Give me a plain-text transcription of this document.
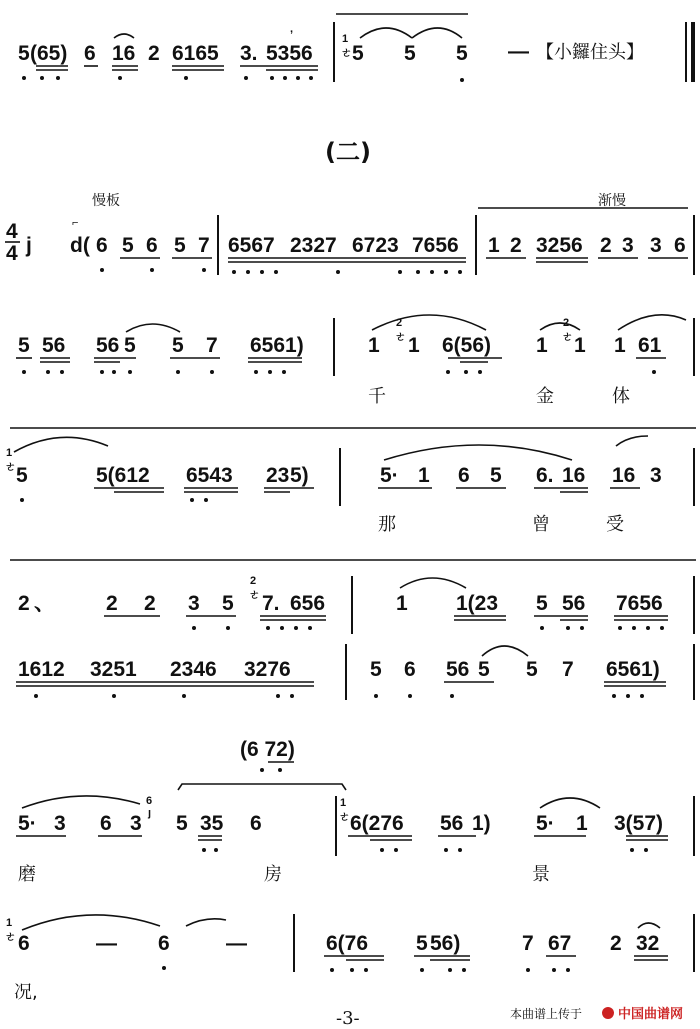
5 (65) 6 16 2 6165 3. 5356
,
1
ㄜ 5 5 5 — 【小鑼住头】
(二)
慢板	渐慢
4
4 j
⌐
d( 6 5 6 5 7 6567 2327 6723 7656 1 2 3256 2 3 3 6
5 56 56 5 5 7 6561)
2
ㄜ
2
ㄜ
1 1 6(56) 1 1 1 61
千	金	体
1
ㄜ 5	5(612 6543 23 5)	5· 1 6 5 6. 16 16 3
那	曾	受
2 、 2 2 3 5
2
ㄜ 7. 656	1 1(23 5 56 7656
1612 3251 2346 3276	5 6 56 5 5 7 6561)
(6 72)
5· 3 6 3
6
ȷ 5 35 6
1
ㄜ 6(276 56 1) 5· 1 3(57)
磨	房	景
1
ㄜ 6	— 6	—	6(76 5 56)	7 67 2 32
况,
-3-	本曲谱上传于	中国曲谱网
